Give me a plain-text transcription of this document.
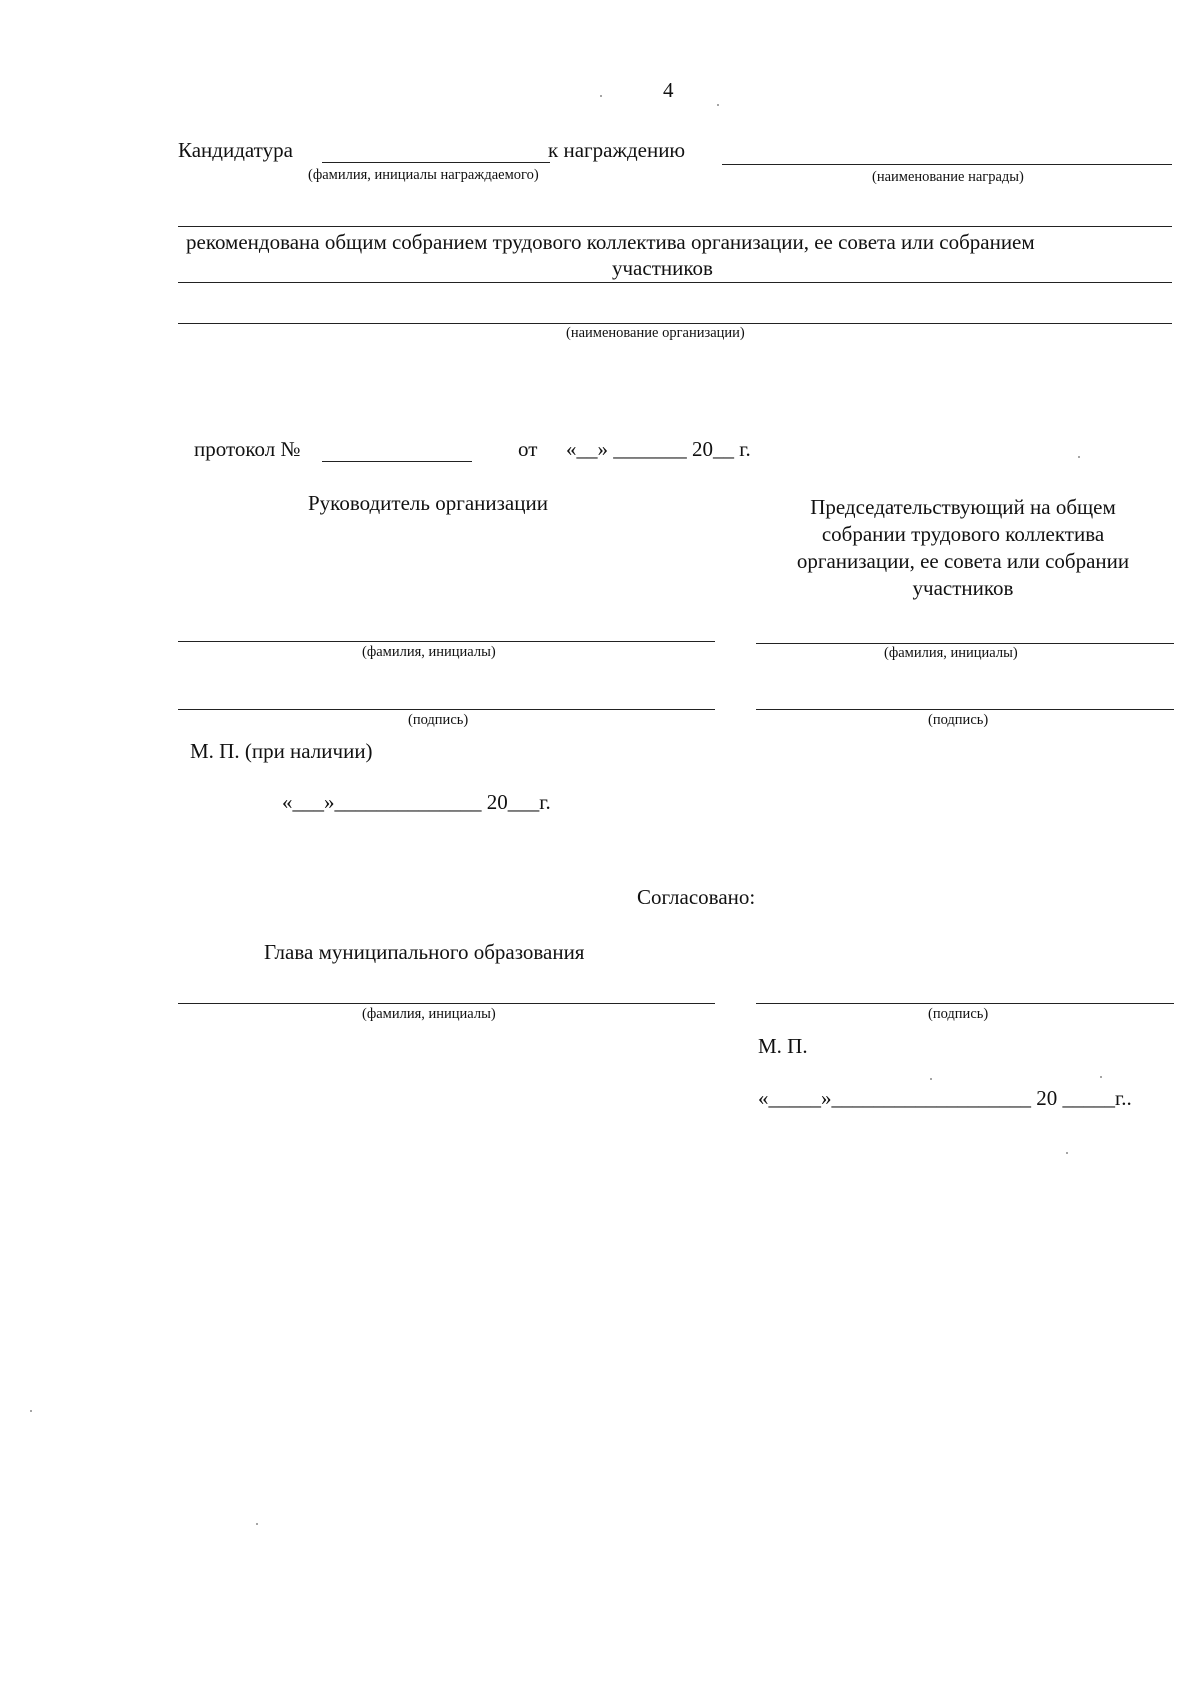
4
Кандидатура	к награждению
(фамилия, инициалы награждаемого)	(наименование награды)
рекомендована общим собранием трудового коллектива организации, ее совета или собранием
участников
(наименование организации)
протокол №	от «__» _______ 20__ г.
Руководитель организации
(фамилия, инициалы)
(подпись)
Председательствующий на общем
собрании трудового коллектива
организации, ее совета или собрании
участников
(фамилия, инициалы)
(подпись)
М. П. (при наличии)
«___»______________ 20___г.
Согласовано:
Глава муниципального образования
(фамилия, инициалы)	(подпись)
М. П.
«_____»___________________ 20 _____г..
